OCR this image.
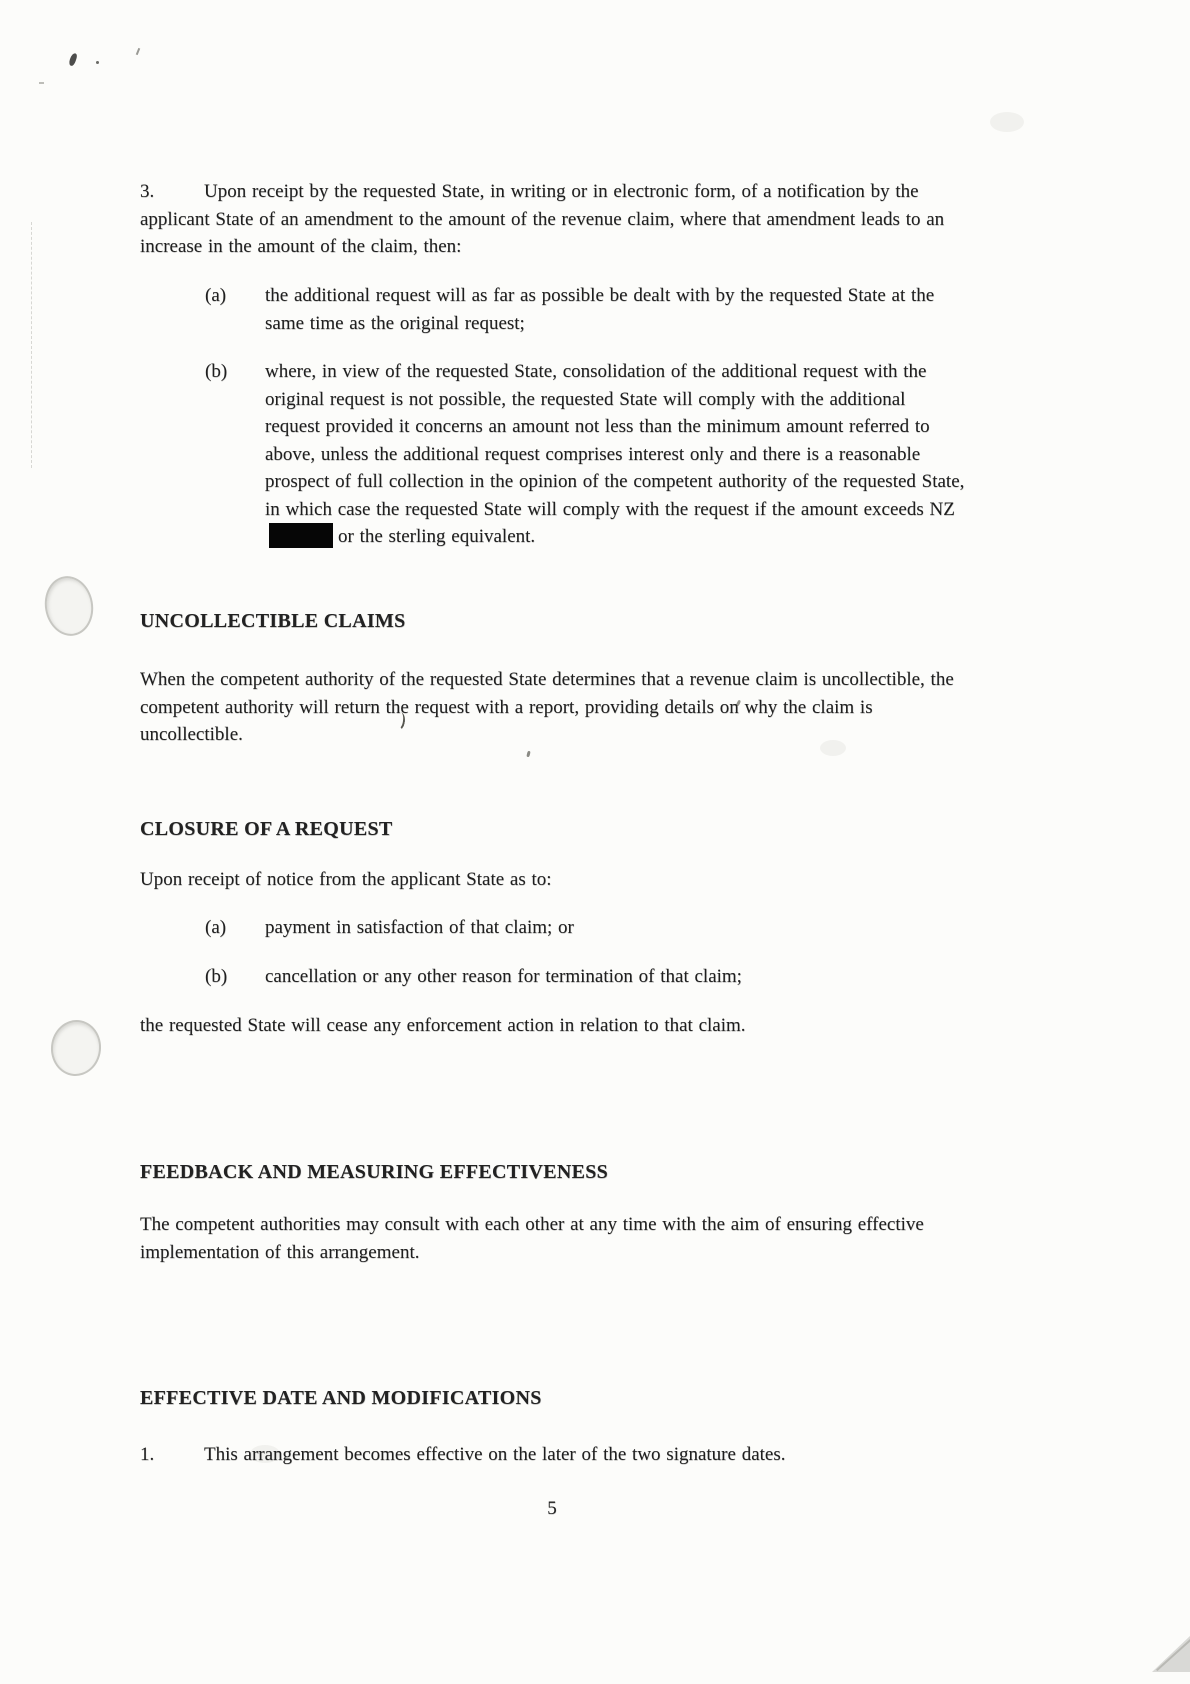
3.	Upon receipt by the requested State, in writing or in electronic form, of a notification by the applicant State of an amendment to the amount of the revenue claim, where that amendment leads to an increase in the amount of the claim, then:
(a)	the additional request will as far as possible be dealt with by the requested State at the same time as the original request;
(b)	where, in view of the requested State, consolidation of the additional request with the original request is not possible, the requested State will comply with the additional request provided it concerns an amount not less than the minimum amount referred to above, unless the additional request comprises interest only and there is a reasonable prospect of full collection in the opinion of the competent authority of the requested State, in which case the requested State will comply with the request if the amount exceeds NZor the sterling equivalent.
UNCOLLECTIBLE CLAIMS
When the competent authority of the requested State determines that a revenue claim is uncollectible, the competent authority will return the request with a report, providing details on why the claim is uncollectible.
CLOSURE OF A REQUEST
Upon receipt of notice from the applicant State as to:
(a)	payment in satisfaction of that claim; or
(b)	cancellation or any other reason for termination of that claim;
the requested State will cease any enforcement action in relation to that claim.
FEEDBACK AND MEASURING EFFECTIVENESS
The competent authorities may consult with each other at any time with the aim of ensuring effective implementation of this arrangement.
EFFECTIVE DATE AND MODIFICATIONS
1.	This arrangement becomes effective on the later of the two signature dates.
5
